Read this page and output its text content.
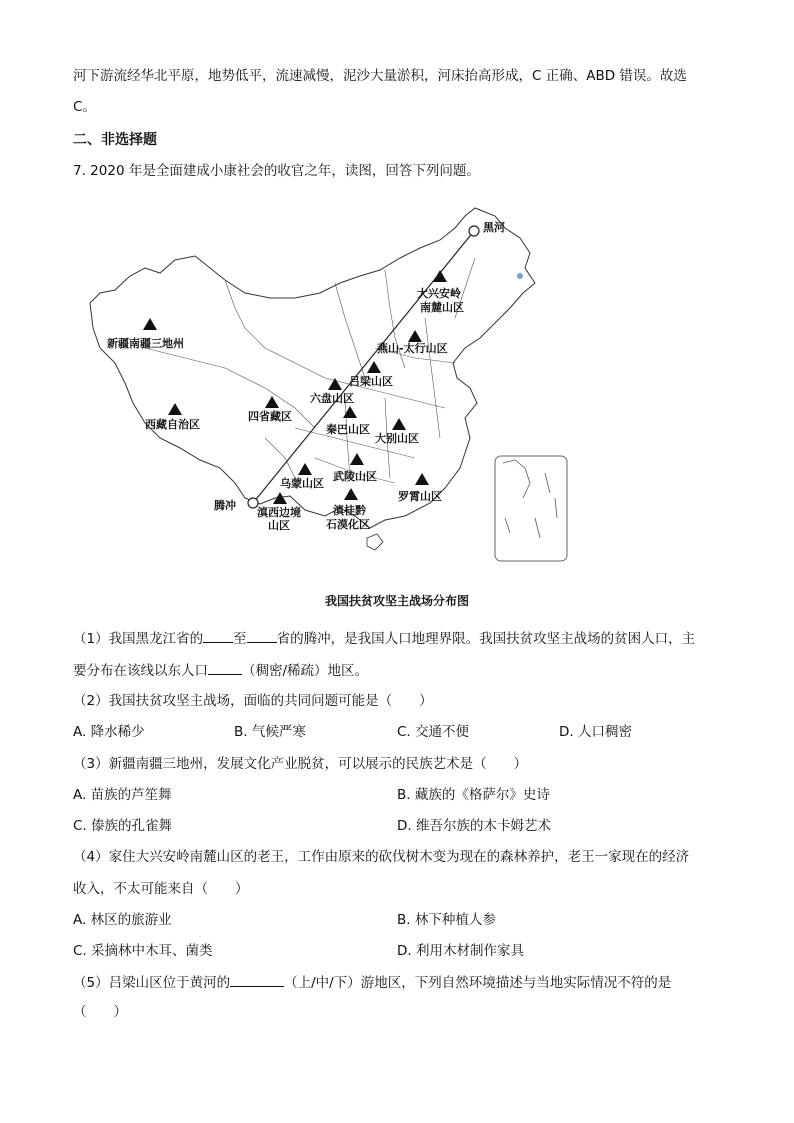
河下游流经华北平原，地势低平，流速减慢，泥沙大量淤积，河床抬高形成，C 正确、ABD 错误。故选
C。
二、非选择题
7. 2020 年是全面建成小康社会的收官之年，读图，回答下列问题。
黑河
腾冲
大兴安岭
南麓山区
新疆南疆三地州	燕山-太行山区
吕梁山区
六盘山区
四省藏区
西藏自治区	秦巴山区
大别山区
武陵山区
乌蒙山区
罗霄山区
滇西边境
山区
滇桂黔
石漠化区
我国扶贫攻坚主战场分布图
（1）我国黑龙江省的 至 省的腾冲，是我国人口地理界限。我国扶贫攻坚主战场的贫困人口，主
要分布在该线以东人口	（稠密/稀疏）地区。
（2）我国扶贫攻坚主战场，面临的共同问题可能是（　　）
A. 降水稀少	B. 气候严寒	C. 交通不便	D. 人口稠密
（3）新疆南疆三地州，发展文化产业脱贫，可以展示的民族艺术是（　　）
A. 苗族的芦笙舞	B. 藏族的《格萨尔》史诗
C. 傣族的孔雀舞	D. 维吾尔族的木卡姆艺术
（4）家住大兴安岭南麓山区的老王，工作由原来的砍伐树木变为现在的森林养护，老王一家现在的经济
收入，不太可能来自（　　）
A. 林区的旅游业	B. 林下种植人参
C. 采摘林中木耳、菌类	D. 利用木材制作家具
（5）吕梁山区位于黄河的	（上/中/下）游地区，下列自然环境描述与当地实际情况不符的是
（　　）
